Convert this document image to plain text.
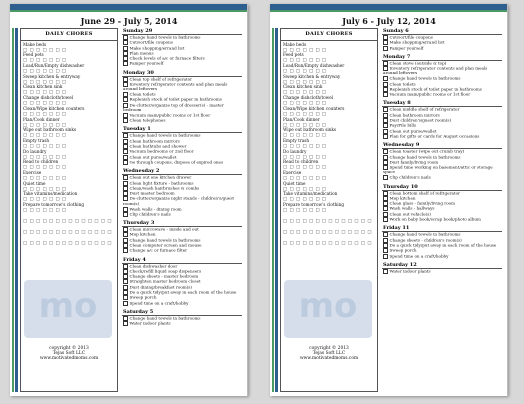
June 29 - July 5, 2014
DAILY CHORES
Make beds
□ □ □ □ □ □ □
Feed pets
□ □ □ □ □ □ □
Load/Run/Empty dishwasher
□ □ □ □ □ □ □
Sweep kitchen & entryway
□ □ □ □ □ □ □
Clean kitchen sink
□ □ □ □ □ □ □
Change dishcloth/towel
□ □ □ □ □ □ □
Clean/Wipe kitchen counters
□ □ □ □ □ □ □
Plan/Cook dinner
□ □ □ □ □ □ □
Wipe out bathroom sinks
□ □ □ □ □ □ □
Empty trash
□ □ □ □ □ □ □
Do laundry
□ □ □ □ □ □ □
Read to children
□ □ □ □ □ □ □
Exercise
□ □ □ □ □ □ □
Quiet time
□ □ □ □ □ □ □
Take vitamins/medication
□ □ □ □ □ □ □
Prepare tomorrow's clothing
□ □ □ □ □ □ □
□ □ □ □ □ □ □ □ □ □ □ □ □ □
□ □ □ □ □ □ □ □ □ □ □ □ □ □
□ □ □ □ □ □ □ □ □ □ □ □ □ □
mo
copyright © 2013
Tejas Soft LLC
www.motivatedmoms.com
Sunday 29
Change hand towels in bathrooms
Cut/sort/file coupons
Make shopping/errand list
Plan menus
Check levels of a/c or furnace filters
Pamper yourself
Monday 30
Clean top shelf of refrigerator
Inventory refrigerator contents and plan meals around leftovers
Clean toilets
Replenish stock of toilet paper in bathrooms
De-clutter/organize top of dresser(s) - master bedroom
Vacuum main/public rooms or 1st floor
Clean telephones
Tuesday 1
Change hand towels in bathrooms
Clean bathroom mirrors
Clean bathtubs and shower
Vacuum bedrooms or 2nd floor
Clean out purse/wallet
Go through coupons, dispose of expired ones
Wednesday 2
Clean out one kitchen drawer
Clean light fixture - bathrooms
Clean/wash hairbrushes & combs
Dust master bedroom
De-clutter/organize night stands - children's/guest room(s)
Wash walls - dining room
Clip children's nails
Thursday 3
Clean microwave - inside and out
Mop kitchen
Change hand towels in bathrooms
Clean computer screen and mouse
Change a/c or furnace filter
Friday 4
Clean dishwasher door
Check/refill liquid soap dispensers
Change sheets - master bedroom
Straighten master bedroom closet
Dust dining/breakfast room(s)
Do a quick tidy/put away in each room of the house
Sweep porch
Spend time on a craft/hobby
Saturday 5
Change hand towels in bathrooms
Water indoor plants
July 6 - July 12, 2014
DAILY CHORES
Make beds
□ □ □ □ □ □ □
Feed pets
□ □ □ □ □ □ □
Load/Run/Empty dishwasher
□ □ □ □ □ □ □
Sweep kitchen & entryway
□ □ □ □ □ □ □
Clean kitchen sink
□ □ □ □ □ □ □
Change dishcloth/towel
□ □ □ □ □ □ □
Clean/Wipe kitchen counters
□ □ □ □ □ □ □
Plan/Cook dinner
□ □ □ □ □ □ □
Wipe out bathroom sinks
□ □ □ □ □ □ □
Empty trash
□ □ □ □ □ □ □
Do laundry
□ □ □ □ □ □ □
Read to children
□ □ □ □ □ □ □
Exercise
□ □ □ □ □ □ □
Quiet time
□ □ □ □ □ □ □
Take vitamins/medication
□ □ □ □ □ □ □
Prepare tomorrow's clothing
□ □ □ □ □ □ □
□ □ □ □ □ □ □ □ □ □ □ □ □ □
□ □ □ □ □ □ □ □ □ □ □ □ □ □
□ □ □ □ □ □ □ □ □ □ □ □ □ □
mo
copyright © 2013
Tejas Soft LLC
www.motivatedmoms.com
Sunday 6
Cut/sort/file coupons
Make shopping/errand list
Pamper yourself
Monday 7
Clean stove (outside & top)
Inventory refrigerator contents and plan meals around leftovers
Change hand towels in bathrooms
Clean toilets
Replenish stock of toilet paper in bathrooms
Vacuum main/public rooms or 1st floor
Tuesday 8
Clean middle shelf of refrigerator
Clean bathroom mirrors
Dust children's/guest room(s)
Pay/File bills
Clean out purse/wallet
Plan for gifts or cards for August occasions
Wednesday 9
Clean toaster (wipe out crumb tray)
Change hand towels in bathrooms
Dust family/living room
Spend time working on basement/attic or storage space
Clip children's nails
Thursday 10
Clean bottom shelf of refrigerator
Mop kitchen
Clean glass - family/living room
Wash walls - hallways
Clean out vehicle(s)
Work on baby book/scrap book/photo album
Friday 11
Change hand towels in bathrooms
Change sheets - children's room(s)
Do a quick tidy/put away in each room of the house
Sweep porch
Spend time on a craft/hobby
Saturday 12
Water indoor plants
